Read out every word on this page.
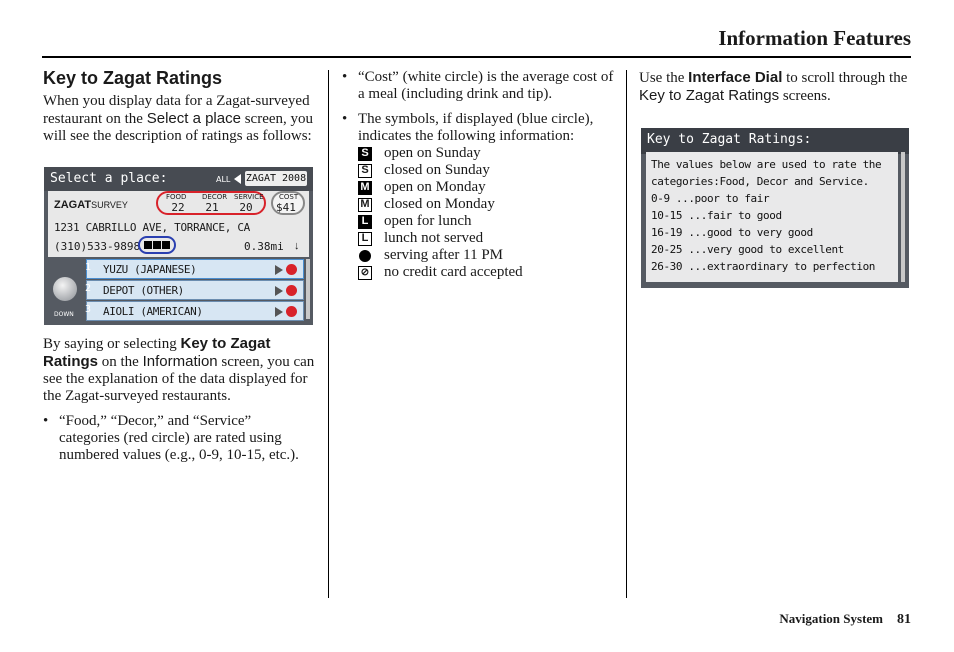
Information Features
Key to Zagat Ratings

When you display data for a Zagat-surveyed restaurant on the Select a place screen, you will see the description of ratings as follows:

Select a place:	ALL ZAGAT 2008
ZAGATSURVEY
FOOD DECOR SERVICE
22	21	20
COST
$41
1231 CABRILLO AVE, TORRANCE, CA
(310)533-9898	0.38mi ↓
DOWN
1 YUZU (JAPANESE)
2 DEPOT (OTHER)
3 AIOLI (AMERICAN)

By saying or selecting Key to Zagat Ratings on the Information screen, you can see the explanation of the data displayed for the Zagat-surveyed restaurants.

• “Food,” “Decor,” and “Service” categories (red circle) are rated using numbered values (e.g., 0-9, 10-15, etc.).
• “Cost” (white circle) is the average cost of a meal (including drink and tip).
• The symbols, if displayed (blue circle), indicates the following information:
S open on Sunday
S closed on Sunday
M open on Monday
M closed on Monday
L open for lunch
L lunch not served
serving after 11 PM
⊘ no credit card accepted

Use the Interface Dial to scroll through the Key to Zagat Ratings screens.

Key to Zagat Ratings:
The values below are used to rate the
categories:Food, Decor and Service.
0-9 ...poor to fair
10-15 ...fair to good
16-19 ...good to very good
20-25 ...very good to excellent
26-30 ...extraordinary to perfection
Navigation System 81
